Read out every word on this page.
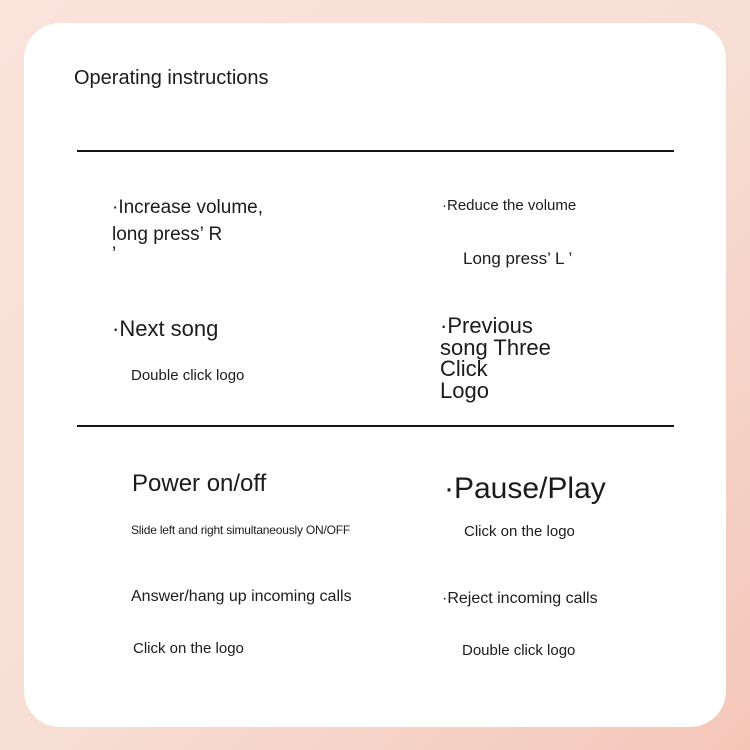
Operating instructions
·Increase volume,
long press’ R
’
·Reduce the volume
Long press’ L ’
·Next song
Double click logo
·Previous
song Three
Click
Logo
Power on/off
Slide left and right simultaneously ON/OFF
·Pause/Play
Click on the logo
Answer/hang up incoming calls
Click on the logo
·Reject incoming calls
Double click logo
